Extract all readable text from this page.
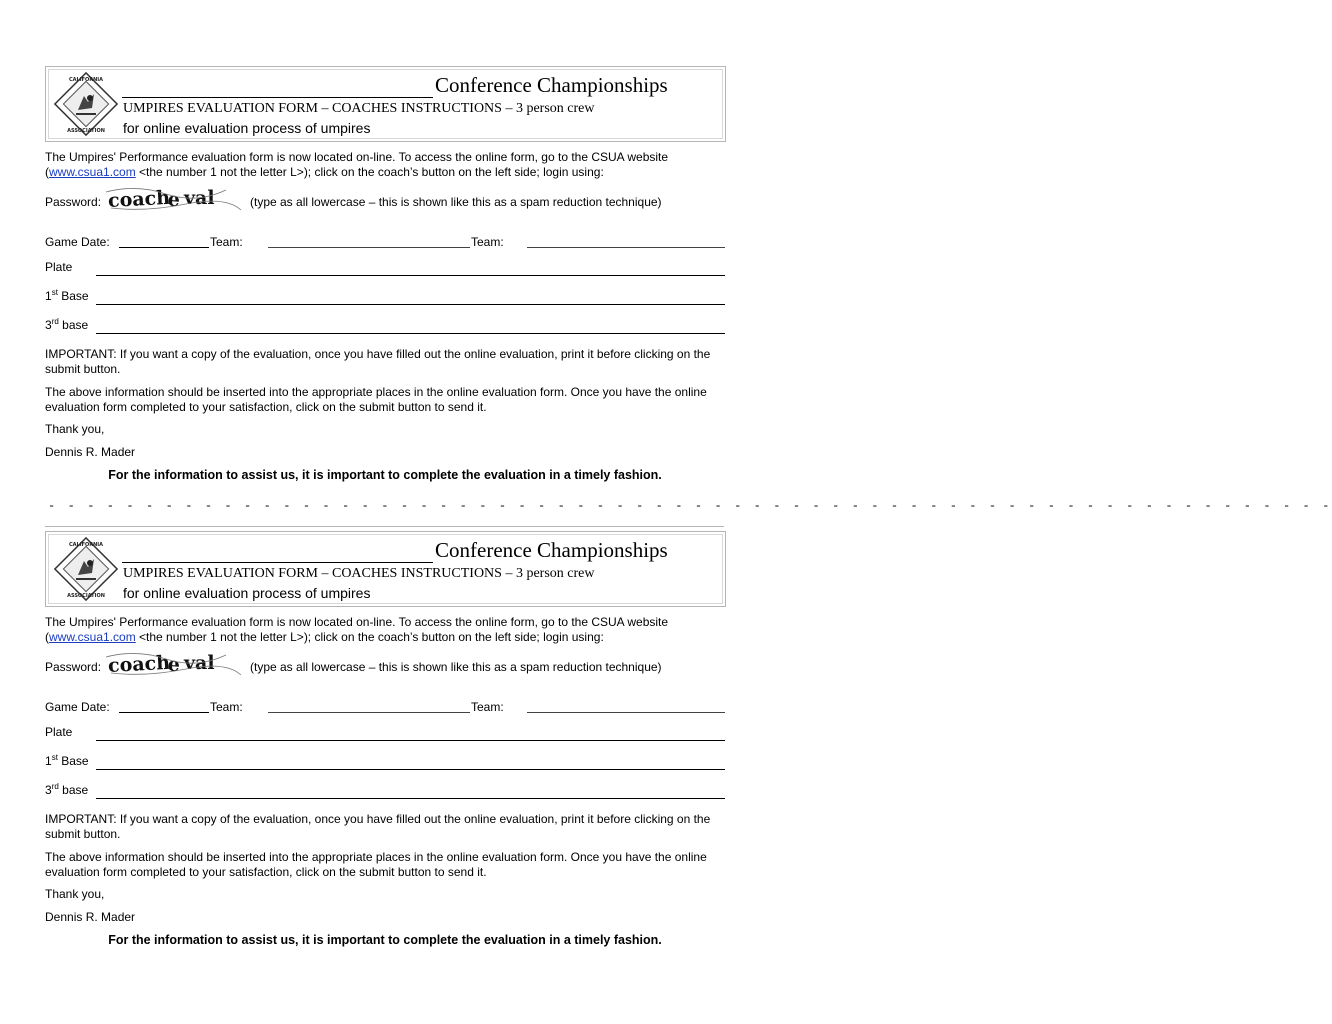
CALIFORNIA
ASSOCIATION
Conference Championships
UMPIRES EVALUATION FORM – COACHES INSTRUCTIONS – 3 person crew
for online evaluation process of umpires
The Umpires' Performance evaluation form is now located on-line. To access the online form, go to the CSUA website (www.csua1.com <the number 1 not the letter L>); click on the coach’s button on the left side; login using:
Password: coach
e val	(type as all lowercase – this is shown like this as a spam reduction technique)
Game Date:	Team:	Team:
Plate
1st Base
3rd base
IMPORTANT: If you want a copy of the evaluation, once you have filled out the online evaluation, print it before clicking on the submit button.
The above information should be inserted into the appropriate places in the online evaluation form. Once you have the online evaluation form completed to your satisfaction, click on the submit button to send it.
Thank you,
Dennis R. Mader
For the information to assist us, it is important to complete the evaluation in a timely fashion.
- - - - - - - - - - - - - - - - - - - - - - - - - - - - - - - - - - - - - - - - - - - - - - - - - - - - - - - - - - - - - - - - - -
CALIFORNIA
ASSOCIATION
Conference Championships
UMPIRES EVALUATION FORM – COACHES INSTRUCTIONS – 3 person crew
for online evaluation process of umpires
The Umpires' Performance evaluation form is now located on-line. To access the online form, go to the CSUA website (www.csua1.com <the number 1 not the letter L>); click on the coach’s button on the left side; login using:
Password: coach
e val	(type as all lowercase – this is shown like this as a spam reduction technique)
Game Date:	Team:	Team:
Plate
1st Base
3rd base
IMPORTANT: If you want a copy of the evaluation, once you have filled out the online evaluation, print it before clicking on the submit button.
The above information should be inserted into the appropriate places in the online evaluation form. Once you have the online evaluation form completed to your satisfaction, click on the submit button to send it.
Thank you,
Dennis R. Mader
For the information to assist us, it is important to complete the evaluation in a timely fashion.
